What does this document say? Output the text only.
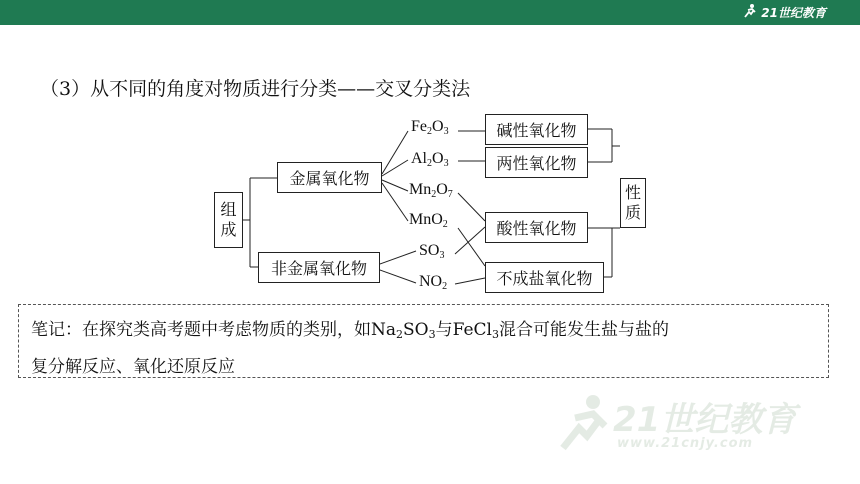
21世纪教育
（3）从不同的角度对物质进行分类——交叉分类法
组
成
金属氧化物
非金属氧化物
$Fe_2O_3$
$Al_2O_3$
$Mn_2O_7$
MnO$_2$
$SO_3$
$NO_2$
碱性氧化物
两性氧化物
酸性氧化物
不成盐氧化物
性
质
笔记：在探究类高考题中考虑物质的类别，如$Na_2SO_3$与FeCl$_3$混合可能发生盐与盐的
复分解反应、氧化还原反应
21世纪教育
www.21cnjy.com
